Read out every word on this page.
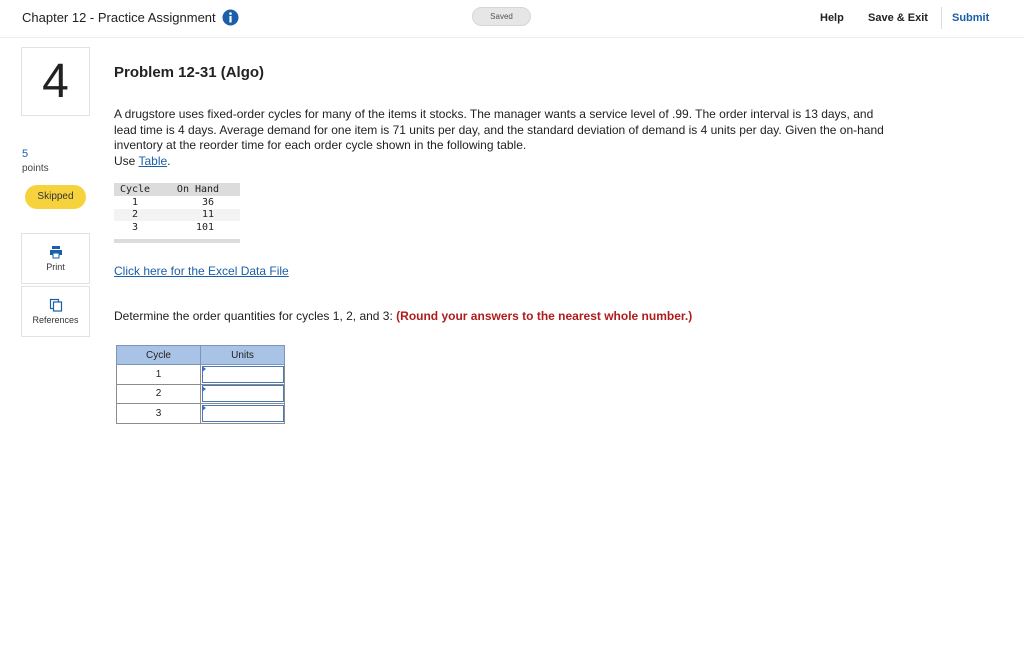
Chapter 12 - Practice Assignment	Saved	Help Save & Exit Submit
4
5
points
Skipped
Print
References
Problem 12-31 (Algo)
A drugstore uses fixed-order cycles for many of the items it stocks. The manager wants a service level of .99. The order interval is 13 days, and lead time is 4 days. Average demand for one item is 71 units per day, and the standard deviation of demand is 4 units per day. Given the on-hand inventory at the reorder time for each order cycle shown in the following table.
Use Table.
Cycle	On Hand
1	36
2	11
3	101
Click here for the Excel Data File
Determine the order quantities for cycles 1, 2, and 3: (Round your answers to the nearest whole number.)
Cycle	Units
1	

2	

3	
